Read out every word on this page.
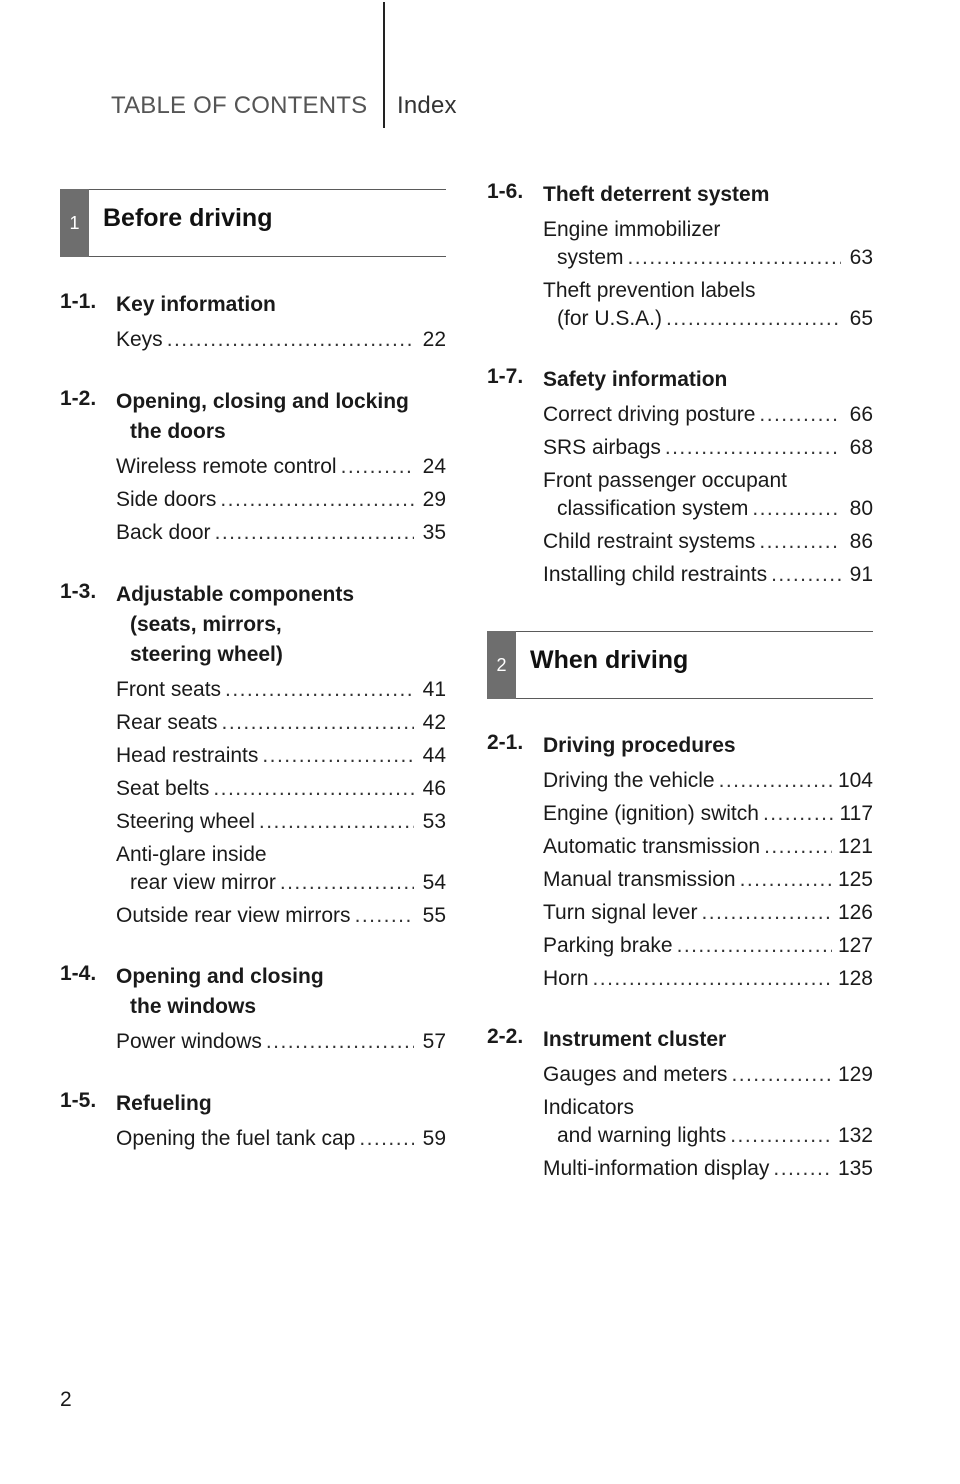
TABLE OF CONTENTS Index
1 Before driving
1-1. Key information
Keys . . .	22
1-2. Opening, closing and locking
the doors
Wireless remote control . . .	24
Side doors . . .	29
Back door . . .	35
1-3. Adjustable components
(seats, mirrors,
steering wheel)
Front seats . . .	41
Rear seats . . .	42
Head restraints . . .	44
Seat belts . . .	46
Steering wheel . . .	53
Anti-glare inside
rear view mirror . . .	54
Outside rear view mirrors . . .	55
1-4. Opening and closing
the windows
Power windows . . .	57
1-5. Refueling
Opening the fuel tank cap . . .	59
1-6. Theft deterrent system
Engine immobilizer
system . . .	63
Theft prevention labels
(for U.S.A.) . . .	65
1-7. Safety information
Correct driving posture . . .	66
SRS airbags . . .	68
Front passenger occupant
classification system . . .	80
Child restraint systems . . .	86
Installing child restraints . . .	91
2 When driving
2-1. Driving procedures
Driving the vehicle . . .	104
Engine (ignition) switch . . .	117
Automatic transmission . . .	121
Manual transmission . . .	125
Turn signal lever . . .	126
Parking brake . . .	127
Horn . . .	128
2-2. Instrument cluster
Gauges and meters . . .	129
Indicators
and warning lights . . .	132
Multi-information display . . .	135
2
